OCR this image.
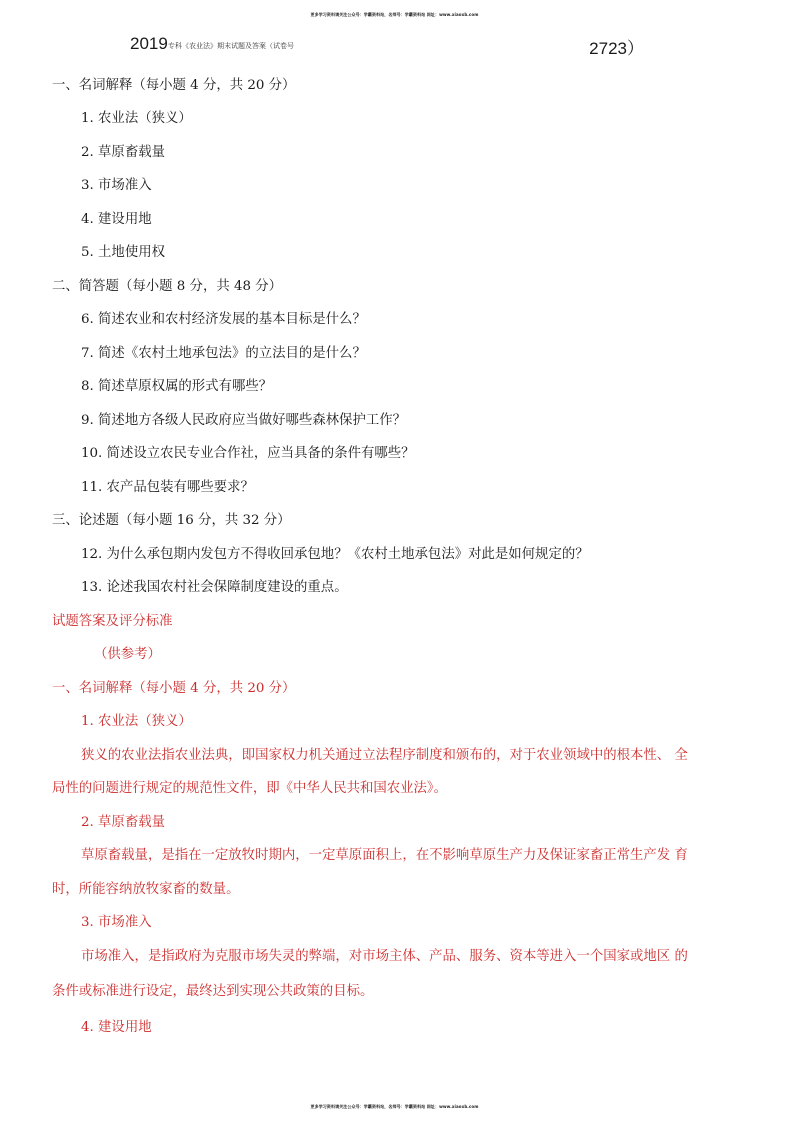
更多学习资料请关注公众号：学霸资料站，名师号：学霸资料站 网址：www.xiaoxb.com
2019 专科《农业法》期末试题及答案（试卷号	2723）
一、名词解释（每小题 4 分，共 20 分）
1. 农业法（狭义）
2. 草原畜载量
3. 市场准入
4. 建设用地
5. 土地使用权
二、简答题（每小题 8 分，共 48 分）
6. 简述农业和农村经济发展的基本目标是什么？
7. 简述《农村土地承包法》的立法目的是什么？
8. 简述草原权属的形式有哪些？
9. 简述地方各级人民政府应当做好哪些森林保护工作？
10. 简述设立农民专业合作社，应当具备的条件有哪些？
11. 农产品包装有哪些要求？
三、论述题（每小题 16 分，共 32 分）
12. 为什么承包期内发包方不得收回承包地？《农村土地承包法》对此是如何规定的？
13. 论述我国农村社会保障制度建设的重点。
试题答案及评分标准
（供参考）
一、名词解释（每小题 4 分，共 20 分）
1. 农业法（狭义）
狭义的农业法指农业法典，即国家权力机关通过立法程序制度和颁布的，对于农业领域中的根本性、 全
局性的问题进行规定的规范性文件，即《中华人民共和国农业法》。
2. 草原畜载量
草原畜载量，是指在一定放牧时期内，一定草原面积上，在不影响草原生产力及保证家畜正常生产发 育
时，所能容纳放牧家畜的数量。
3. 市场准入
市场准入，是指政府为克服市场失灵的弊端，对市场主体、产品、服务、资本等进入一个国家或地区 的
条件或标准进行设定，最终达到实现公共政策的目标。
4. 建设用地
更多学习资料请关注公众号：学霸资料站，名师号：学霸资料站 网址：www.xiaoxb.com
